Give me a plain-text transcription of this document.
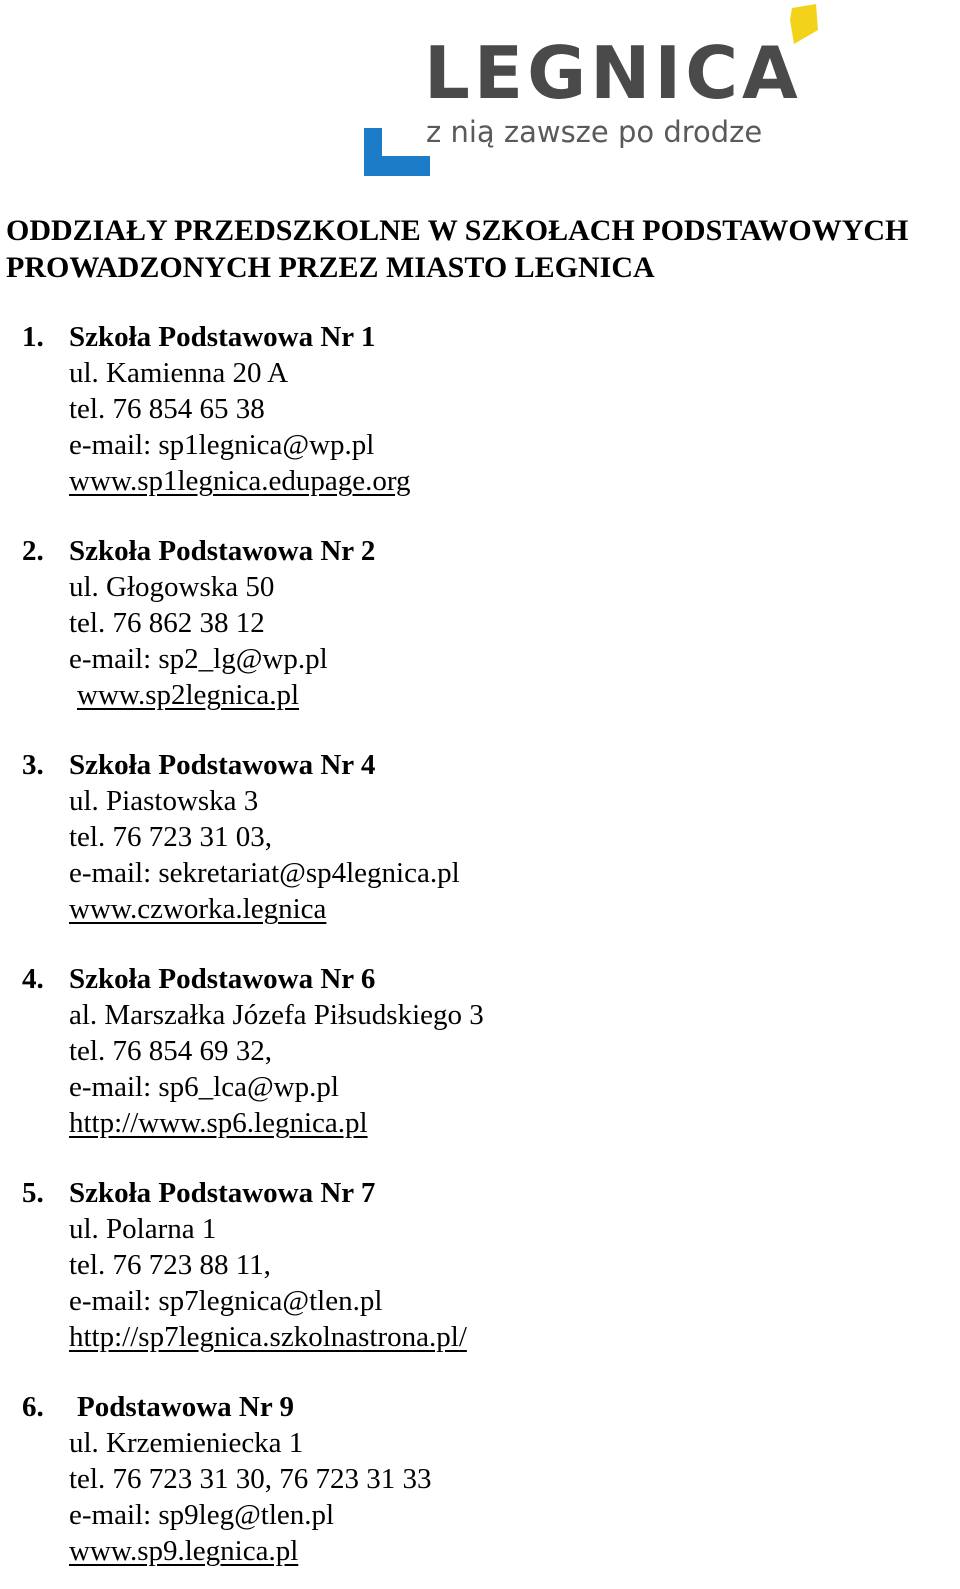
LEGNICA
z nią zawsze po drodze
ODDZIAŁY PRZEDSZKOLNE W SZKOŁACH PODSTAWOWYCH
PROWADZONYCH PRZEZ MIASTO LEGNICA
1. Szkoła Podstawowa Nr 1
ul. Kamienna 20 A
tel. 76 854 65 38
e-mail: sp1legnica@wp.pl
www.sp1legnica.edupage.org
2. Szkoła Podstawowa Nr 2
ul. Głogowska 50
tel. 76 862 38 12
e-mail: sp2_lg@wp.pl
www.sp2legnica.pl
3. Szkoła Podstawowa Nr 4
ul. Piastowska 3
tel. 76 723 31 03,
e-mail: sekretariat@sp4legnica.pl
www.czworka.legnica
4. Szkoła Podstawowa Nr 6
al. Marszałka Józefa Piłsudskiego 3
tel. 76 854 69 32,
e-mail: sp6_lca@wp.pl
http://www.sp6.legnica.pl
5. Szkoła Podstawowa Nr 7
ul. Polarna 1
tel. 76 723 88 11,
e-mail: sp7legnica@tlen.pl
http://sp7legnica.szkolnastrona.pl/
6. Podstawowa Nr 9
ul. Krzemieniecka 1
tel. 76 723 31 30, 76 723 31 33
e-mail: sp9leg@tlen.pl
www.sp9.legnica.pl
